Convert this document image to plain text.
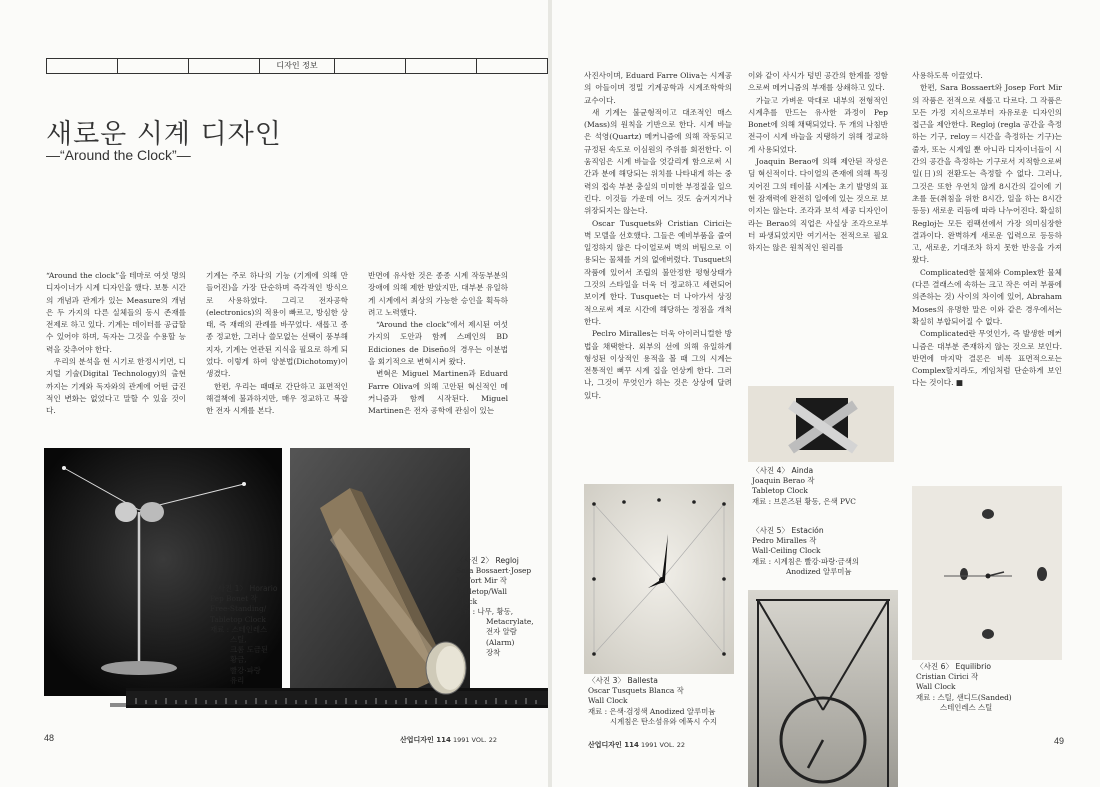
디자인 정보
새로운 시계 디자인
—“Around the Clock”—

“Around the clock”을 테마로 여섯 명의 디자이너가 시계 디자인을 했다. 보통 시간의 개념과 관계가 있는 Measure의 개념은 두 가지의 다른 실체들의 동시 존재를 전제로 하고 있다. 기계는 데이터를 공급할 수 있어야 하며, 독자는 그것을 수용할 능력을 갖추어야 한다.

우리의 분석을 현 시기로 한정시키면, 디지털 기술(Digital Technology)의 출현까지는 기계와 독자와의 관계에 어떤 급진적인 변화는 없었다고 말할 수 있을 것이다.

기계는 주로 하나의 기능 (기계에 의해 만들어진)을 가장 단순하며 즉각적인 방식으로 사용하였다. 그리고 전자공학(electronics)의 적용이 빠르고, 방심한 상태, 즉 재래의 관례를 바꾸었다. 새롭고 종종 정교한, 그러나 쓸모없는 선택이 풍부해지자, 기계는 연관된 지식을 필요로 하게 되었다. 이렇게 하여 양분법(Dichotomy)이 생겼다.

한편, 우리는 때때로 간단하고 표면적인 해결책에 불과하지만, 매우 정교하고 복잡한 전자 시계를 본다.

반면에 유사한 것은 종종 시계 작동부분의 장애에 의해 제한 받았지만, 대부분 유일하게 시계에서 최상의 가능한 승인을 획득하려고 노력했다.

“Around the clock”에서 제시된 여섯 가지의 도안과 함께 스페인의 BD Ediciones de Diseño의 경우는 이분법을 회기적으로 변혁시켜 왔다.

변혁은 Miguel Martinen과 Eduard Farre Oliva에 의해 고안된 혁신적인 메커니즘과 함께 시작된다. Miguel Martinen은 전자 공학에 관심이 있는

〈사진 1〉 Horario
Pep Bonet 작
Free-Standing/
Tabletop Clock
재료 : 스테인레스
스틸,
크롬 도금된
황금,
빨강·파랑
유리
〈사진 2〉 Regloj
Sara Bossaert·Josep
M.Fort Mir 작
Tabletop/Wall
Clock
재료 : 나무, 황동,
Metacrylate,
전자 알람
(Alarm)
장착
48	산업디자인 114 1991 VOL. 22

사진사이며, Eduard Farre Oliva는 시계공의 아들이며 정밀 기계공학과 시계조학학의 교수이다.

새 기계는 불균형적이고 대조적인 매스(Mass)의 원칙을 기반으로 한다. 시계 바늘은 석영(Quartz) 메커니즘에 의해 작동되고 규정된 속도로 이심원의 주위를 회전한다. 이 움직임은 시계 바늘을 엇갈리게 함으로써 시간과 분에 해당되는 위치를 나타내게 하는 중력의 접속 부분 충실의 미미한 부정질을 일으킨다. 이것들 가운데 어느 것도 숨겨지거나 위장되지는 않는다.

Oscar Tusquets와 Cristian Cirici는 벽 모델을 선호했다. 그들은 예비부품을 줄여 일정하지 않은 다이얼로써 벽의 버팀으로 이용되는 물체를 거의 없애버렸다. Tusquet의 작품에 있어서 조립의 불안정한 평형상태가 그것의 스타일을 더욱 더 정교하고 세련되어 보이게 한다. Tusquet는 더 나아가서 상징적으로써 제로 시간에 해당하는 정점을 개척한다.

Peclro Miralles는 더욱 아이러니컬한 방법을 채택한다. 외부의 선에 의해 유일하게 형성된 이상적인 용적을 볼 때 그의 시계는 전통적인 뻐꾸 시계 집을 연상케 한다. 그러나, 그것이 무엇인가 하는 것은 상상에 달려 있다.

이와 같이 사시가 텅빈 공간의 한계를 정함으로써 메커니즘의 부재를 상쇄하고 있다.

가늘고 가벼운 막대로 내부의 전형적인 시계추를 만드는 유사한 과정이 Pep Bonet에 의해 채택되었다. 두 개의 나침반 전극이 시계 바늘을 지탱하기 위해 정교하게 사용되었다.

Joaquin Berao에 의해 제안된 작성은 딤 혁신적이다. 다이얼의 존재에 의해 특징지어진 그의 테이블 시계는 초기 발명의 표현 잠재력에 완전히 일에에 있는 것으로 보이지는 않는다. 조각과 보석 세공 디자인이라는 Berao의 직업은 사실상 조각으로부터 파생되었지만 여기서는 전적으로 필요하지는 않은 원칙적인 원리를

사용하도록 이끌었다.

한편, Sara Bossaert와 Josep Fort Mir의 작품은 전적으로 새롭고 다르다. 그 작품은 모든 가정 지식으로부터 자유로운 디자인의 접근을 제안한다. Regloj (regla 공간을 측정하는 기구, reloy＝시간을 측정하는 기구)는 줄자, 또는 시계일 뿐 아니라 디자이너들이 시간의 공간을 측정하는 기구로서 지적함으로써 일(日)의 전환도는 측정할 수 없다. 그러나, 그것은 또한 우연치 않게 8시간의 길이에 기초를 둔(취침을 위한 8시간, 일을 하는 8시간 등등) 새로운 리듬에 따라 나누어진다. 확실히 Regloj는 모든 컴팩션에서 가장 의미심장한 결과이다. 완벽하게 새로운 입력으로 등등하고, 새로운, 기대조차 하지 못한 반응을 가져왔다.

Complicated한 물체와 Complex한 물체(다른 결래스에 속하는 크고 작은 여러 부품에 의존하는 것) 사이의 차이에 있어, Abraham Moses의 유명한 말은 이와 같은 경우에서는 확실히 부합되어질 수 없다.

Complicated란 무엇인가, 즉 발생한 메커니즘은 대부분 존재하지 않는 것으로 보인다. 반면에 마지막 결론은 비록 표면적으로는 Complex할지라도, 게임처럼 단순하게 보인다는 것이다. ■

〈사진 4〉 Ainda
Joaquin Berao 작
Tabletop Clock
재료 : 브론즈된 황동, 은색 PVC
〈사진 5〉 Estación
Pedro Miralles 작
Wall·Ceiling Clock
재료 : 시계침은 빨강·파랑·금색의
Anodized 알루미늄
〈사진 3〉 Ballesta
Oscar Tusquets Blanca 작
Wall Clock
재료 : 은색·검정색 Anodized 알루미늄
시계침은 탄소섬유와 에폭시 수지
〈사진 6〉 Equilibrio
Cristian Cirici 작
Wall Clock
재료 : 스틸, 샌디드(Sanded)
스테인레스 스틸
산업디자인 114 1991 VOL. 22	49
